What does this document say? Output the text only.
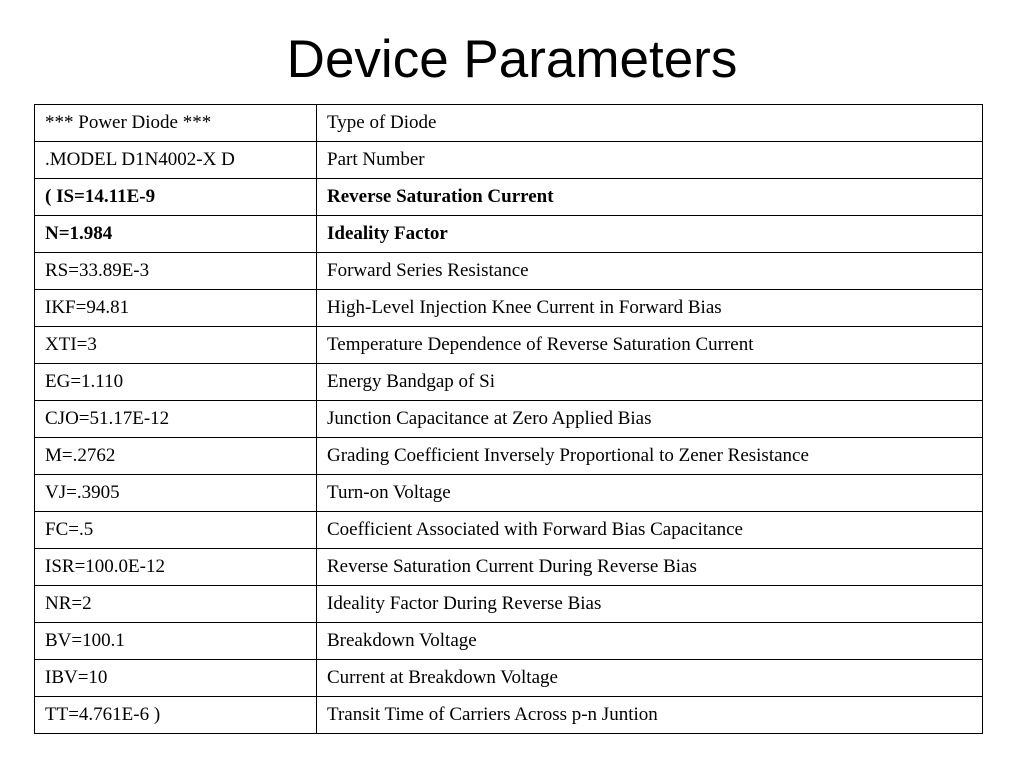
Device Parameters
*** Power Diode ***	Type of Diode
.MODEL D1N4002-X D	Part Number
( IS=14.11E-9	Reverse Saturation Current
N=1.984	Ideality Factor
RS=33.89E-3	Forward Series Resistance
IKF=94.81	High-Level Injection Knee Current in Forward Bias
XTI=3	Temperature Dependence of Reverse Saturation Current
EG=1.110	Energy Bandgap of Si
CJO=51.17E-12	Junction Capacitance at Zero Applied Bias
M=.2762	Grading Coefficient Inversely Proportional to Zener Resistance
VJ=.3905	Turn-on Voltage
FC=.5	Coefficient Associated with Forward Bias Capacitance
ISR=100.0E-12	Reverse Saturation Current During Reverse Bias
NR=2	Ideality Factor During Reverse Bias
BV=100.1	Breakdown Voltage
IBV=10	Current at Breakdown Voltage
TT=4.761E-6 )	Transit Time of Carriers Across p-n Juntion
